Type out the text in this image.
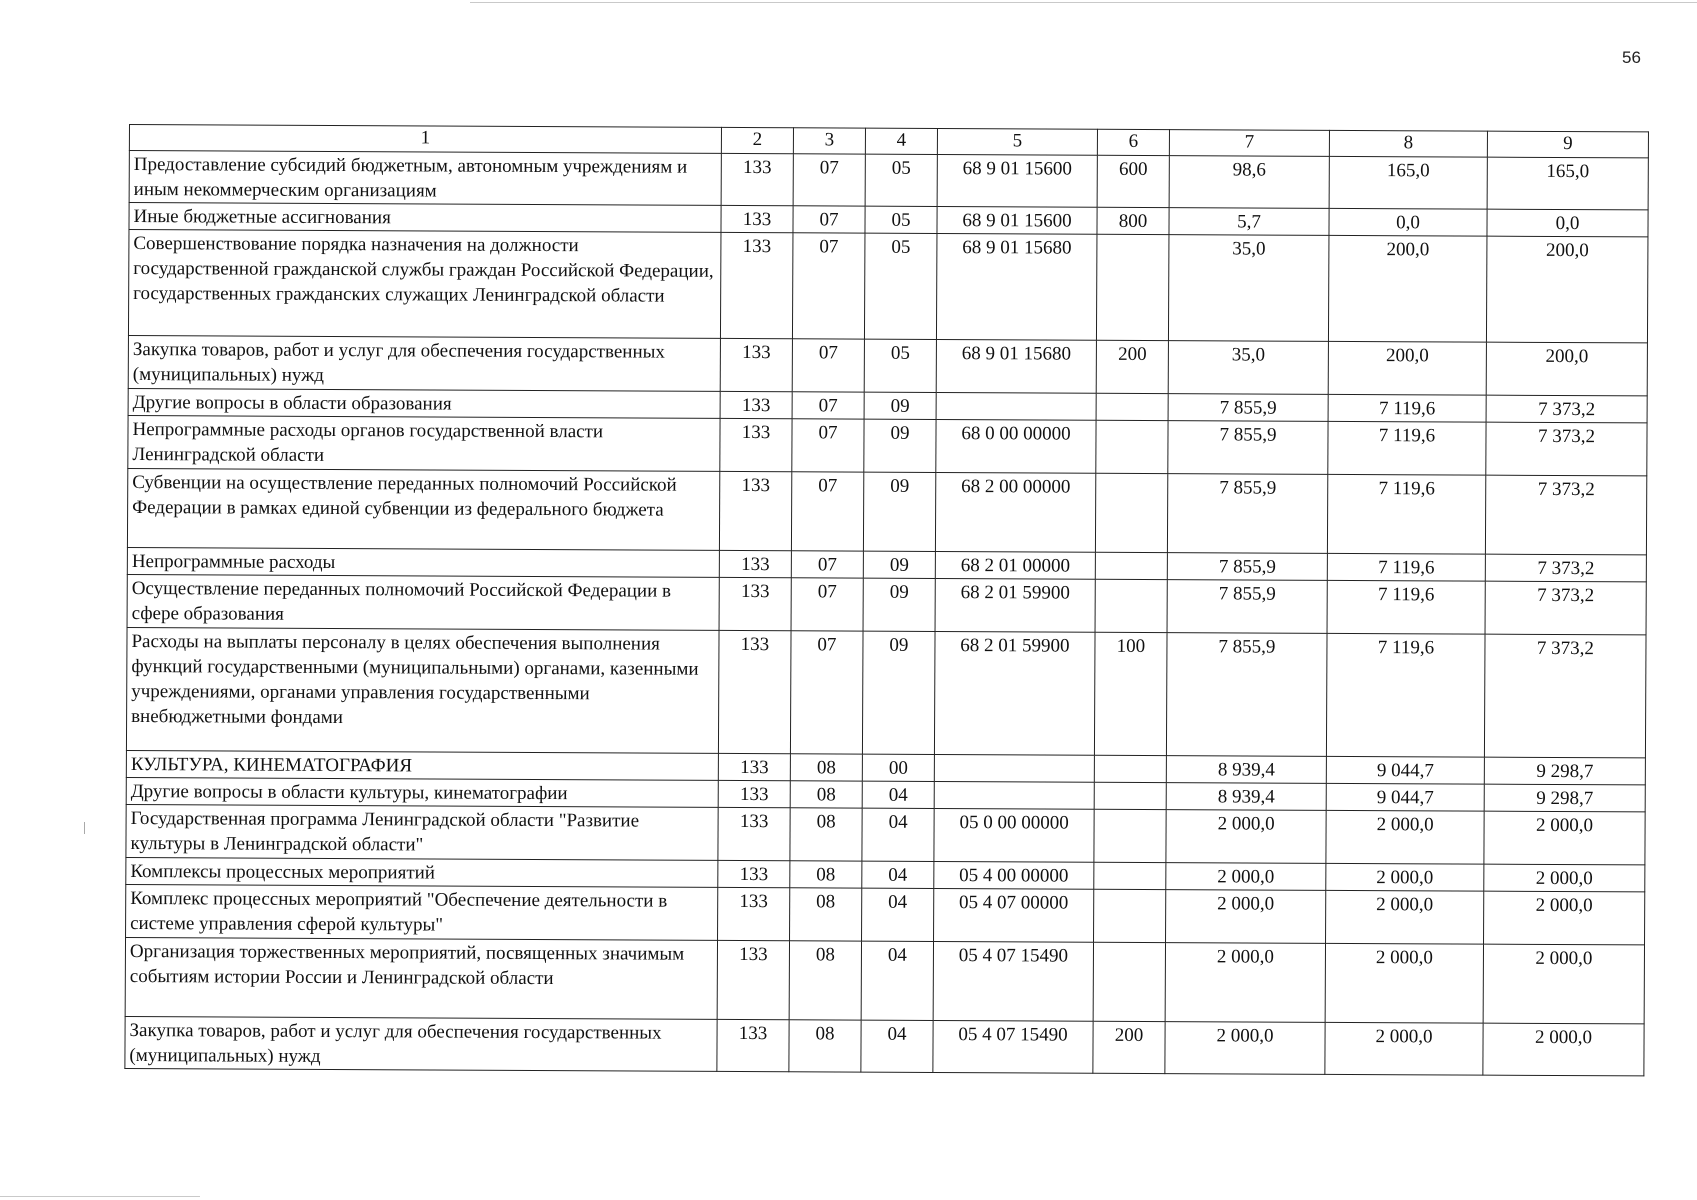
56
1	2	3	4	5	6	7	8	9
Предоставление субсидий бюджетным, автономным учреждениям и иным некоммерческим организациям	133	07	05	68 9 01 15600	600	98,6	165,0	165,0
Иные бюджетные ассигнования	133	07	05	68 9 01 15600	800	5,7	0,0	0,0
Совершенствование порядка назначения на должности государственной гражданской службы граждан Российской Федерации, государственных гражданских служащих Ленинградской области	133	07	05	68 9 01 15680		35,0	200,0	200,0
Закупка товаров, работ и услуг для обеспечения государственных (муниципальных) нужд	133	07	05	68 9 01 15680	200	35,0	200,0	200,0
Другие вопросы в области образования	133	07	09			7 855,9	7 119,6	7 373,2
Непрограммные расходы органов государственной власти Ленинградской области	133	07	09	68 0 00 00000		7 855,9	7 119,6	7 373,2
Субвенции на осуществление переданных полномочий Российской Федерации в рамках единой субвенции из федерального бюджета	133	07	09	68 2 00 00000		7 855,9	7 119,6	7 373,2
Непрограммные расходы	133	07	09	68 2 01 00000		7 855,9	7 119,6	7 373,2
Осуществление переданных полномочий Российской Федерации в сфере образования	133	07	09	68 2 01 59900		7 855,9	7 119,6	7 373,2
Расходы на выплаты персоналу в целях обеспечения выполнения функций государственными (муниципальными) органами, казенными учреждениями, органами управления государственными внебюджетными фондами	133	07	09	68 2 01 59900	100	7 855,9	7 119,6	7 373,2
КУЛЬТУРА, КИНЕМАТОГРАФИЯ	133	08	00			8 939,4	9 044,7	9 298,7
Другие вопросы в области культуры, кинематографии	133	08	04			8 939,4	9 044,7	9 298,7
Государственная программа Ленинградской области "Развитие культуры в Ленинградской области"	133	08	04	05 0 00 00000		2 000,0	2 000,0	2 000,0
Комплексы процессных мероприятий	133	08	04	05 4 00 00000		2 000,0	2 000,0	2 000,0
Комплекс процессных мероприятий "Обеспечение деятельности в системе управления сферой культуры"	133	08	04	05 4 07 00000		2 000,0	2 000,0	2 000,0
Организация торжественных мероприятий, посвященных значимым событиям истории России и Ленинградской области	133	08	04	05 4 07 15490		2 000,0	2 000,0	2 000,0
Закупка товаров, работ и услуг для обеспечения государственных (муниципальных) нужд	133	08	04	05 4 07 15490	200	2 000,0	2 000,0	2 000,0
